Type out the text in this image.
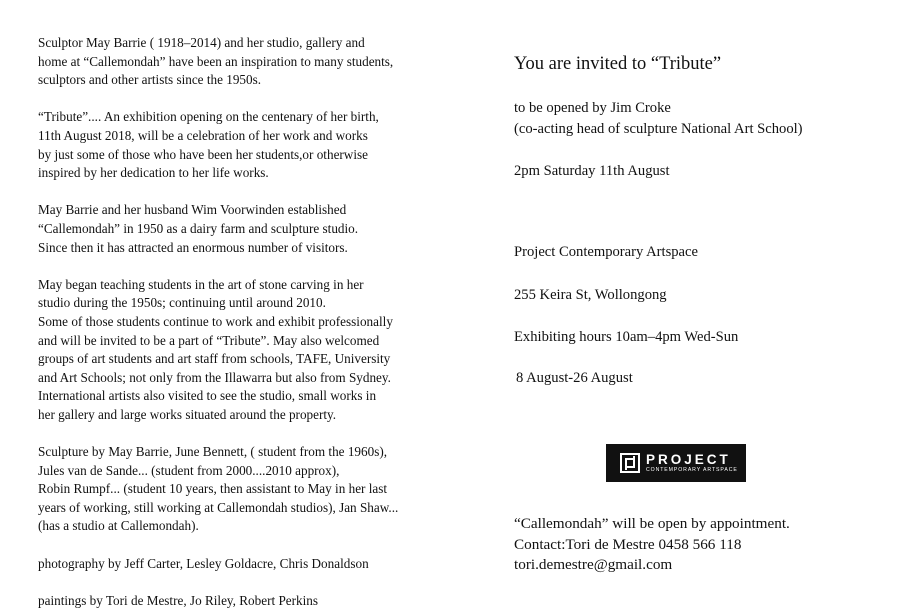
Sculptor May Barrie ( 1918–2014) and her studio, gallery and

home at “Callemondah” have been an inspiration to many students,

sculptors and other artists since the 1950s.

“Tribute”.... An exhibition opening on the centenary of her birth,

11th August 2018, will be a celebration of her work and works

by just some of those who have been her students,or otherwise

inspired by her dedication to her life works.

May Barrie and her husband Wim Voorwinden established

“Callemondah” in 1950 as a dairy farm and sculpture studio.

Since then it has attracted an enormous number of visitors.

May began teaching students in the art of stone carving in her

studio during the 1950s; continuing until around 2010.

Some of those students continue to work and exhibit professionally

and will be invited to be a part of “Tribute”. May also welcomed

groups of art students and art staff from schools, TAFE, University

and Art Schools; not only from the Illawarra but also from Sydney.

International artists also visited to see the studio, small works in

her gallery and large works situated around the property.

Sculpture by May Barrie, June Bennett, ( student from the 1960s),

Jules van de Sande... (student from 2000....2010 approx),

Robin Rumpf... (student 10 years, then assistant to May in her last

years of working, still working at Callemondah studios), Jan Shaw...

(has a studio at Callemondah).

photography by Jeff Carter, Lesley Goldacre, Chris Donaldson

paintings by Tori de Mestre, Jo Riley, Robert Perkins

You are invited to “Tribute”

to be opened by Jim Croke

(co-acting head of sculpture National Art School)

2pm Saturday 11th August

Project Contemporary Artspace

255 Keira St, Wollongong

Exhibiting hours 10am–4pm Wed-Sun

8 August-26 August

PROJECT
CONTEMPORARY ARTSPACE

“Callemondah” will be open by appointment.

Contact:Tori de Mestre 0458 566 118

tori.demestre@gmail.com
